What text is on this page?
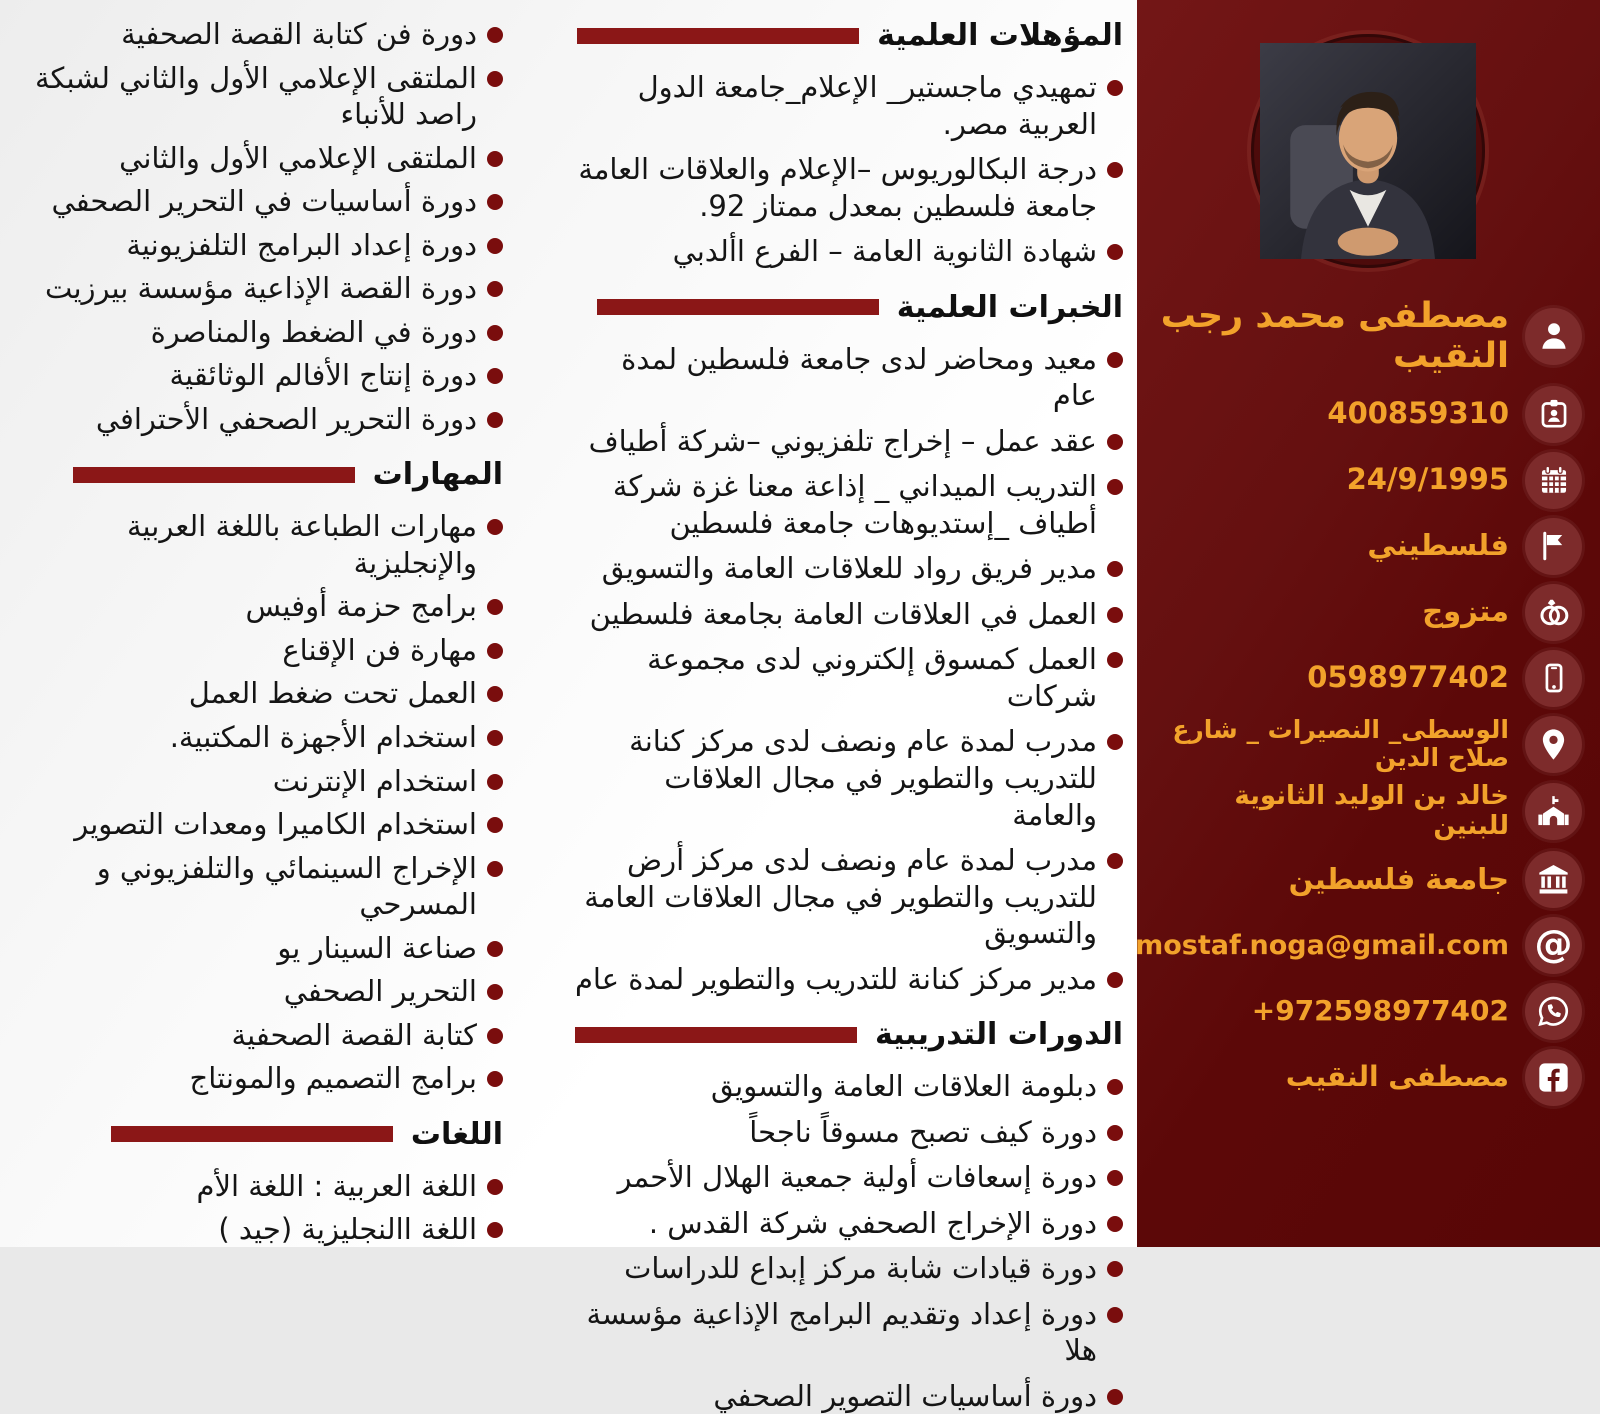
دورة فن كتابة القصة الصحفية
الملتقى الإعلامي الأول والثاني لشبكة راصد للأنباء
الملتقى الإعلامي الأول والثاني
دورة أساسيات في التحرير الصحفي
دورة إعداد البرامج التلفزيونية
دورة القصة الإذاعية مؤسسة بيرزيت
دورة في الضغط والمناصرة
دورة إنتاج الأفالم الوثائقية
دورة التحرير الصحفي الأحترافي
المهارات
مهارات الطباعة باللغة العربية والإنجليزية
برامج حزمة أوفيس
مهارة فن الإقناع
العمل تحت ضغط العمل
استخدام الأجهزة المكتبية.
استخدام الإنترنت
استخدام الكاميرا ومعدات التصوير
الإخراج السينمائي والتلفزيوني و المسرحي
صناعة السينار يو
التحرير الصحفي
كتابة القصة الصحفية
برامج التصميم والمونتاج
اللغات
اللغة العربية : اللغة الأم
اللغة االنجليزية (جيد )
المؤهلات العلمية
تمهيدي ماجستير_ الإعلام_جامعة الدول العربية مصر.
درجة البكالوريوس –الإعلام والعلاقات العامة جامعة فلسطين بمعدل ممتاز 92.
شهادة الثانوية العامة – الفرع األدبي
الخبرات العلمية
معيد ومحاضر لدى جامعة فلسطين لمدة عام
عقد عمل – إخراج تلفزيوني –شركة أطياف
التدريب الميداني _ إذاعة معنا غزة شركة أطياف _إستديوهات جامعة فلسطين
مدير فريق رواد للعلاقات العامة والتسويق
العمل في العلاقات العامة بجامعة فلسطين
العمل كمسوق إلكتروني لدى مجموعة شركات
مدرب لمدة عام ونصف لدى مركز كنانة للتدريب والتطوير في مجال العلاقات والعامة
مدرب لمدة عام ونصف لدى مركز أرض للتدريب والتطوير في مجال العلاقات العامة والتسويق
مدير مركز كنانة للتدريب والتطوير لمدة عام
الدورات التدريبية
دبلومة العلاقات العامة والتسويق
دورة كيف تصبح مسوقاً ناجحاً
دورة إسعافات أولية جمعية الهلال الأحمر
دورة الإخراج الصحفي شركة القدس .
دورة قيادات شابة مركز إبداع للدراسات
دورة إعداد وتقديم البرامج الإذاعية مؤسسة هلا
دورة أساسيات التصوير الصحفي
مصطفى محمد رجب النقيب
400859310
24/9/1995
فلسطيني
متزوج
0598977402
الوسطى_ النصيرات _ شارع صلاح الدين
خالد بن الوليد الثانوية للبنين
جامعة فلسطين
@
mostaf.noga@gmail.com
+972598977402
مصطفى النقيب
